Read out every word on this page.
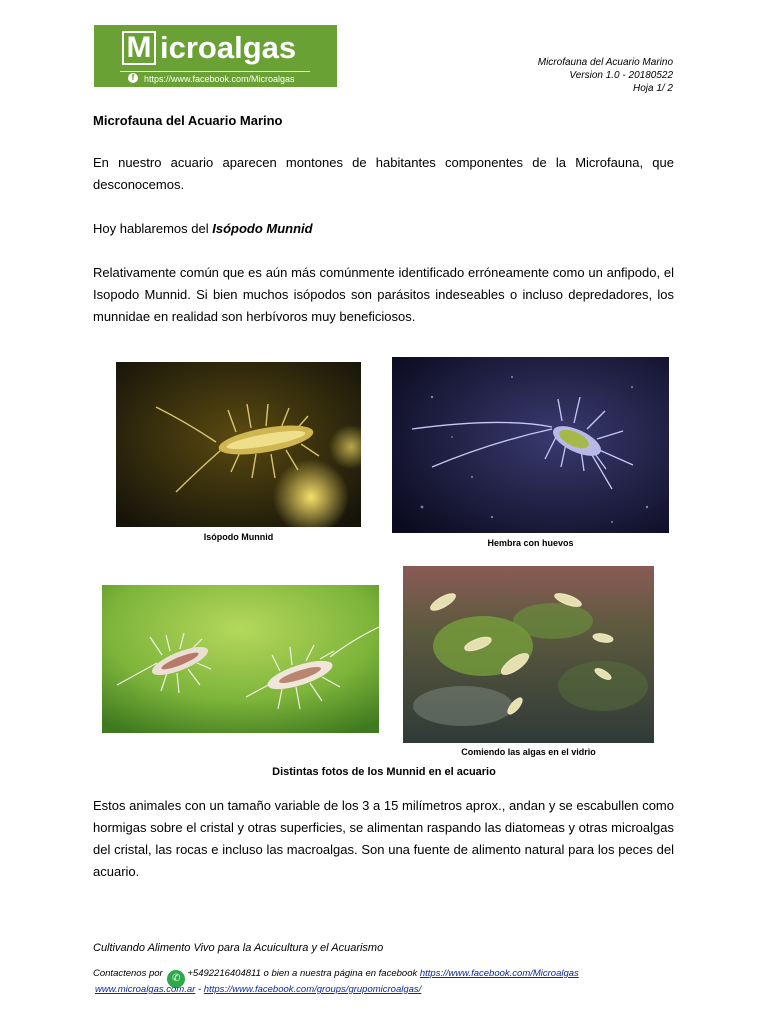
M icroalgas
f	https://www.facebook.com/Microalgas
Microfauna del Acuario Marino
Version 1.0 - 20180522
Hoja 1/ 2
Microfauna del Acuario Marino
En nuestro acuario aparecen montones de habitantes componentes de la Microfauna, que desconocemos.
Hoy hablaremos del Isópodo Munnid
Relativamente común que es aún más comúnmente identificado erróneamente como un anfipodo, el Isopodo Munnid. Si bien muchos isópodos son parásitos indeseables o incluso depredadores, los munnidae en realidad son herbívoros muy beneficiosos.
Isópodo Munnid
Hembra con huevos
Comiendo las algas en el vidrio
Distintas fotos de los Munnid en el acuario
Estos animales con un tamaño variable de los 3 a 15 milímetros aprox., andan y se escabullen como hormigas sobre el cristal y otras superficies, se alimentan raspando las diatomeas y otras microalgas del cristal, las rocas e incluso las macroalgas. Son una fuente de alimento natural para los peces del acuario.
Cultivando Alimento Vivo para la Acuicultura y el Acuarismo
Contactenos por ✆ +5492216404811 o bien a nuestra página en facebook https://www.facebook.com/Microalgas
www.microalgas.com.ar - https://www.facebook.com/groups/grupomicroalgas/
